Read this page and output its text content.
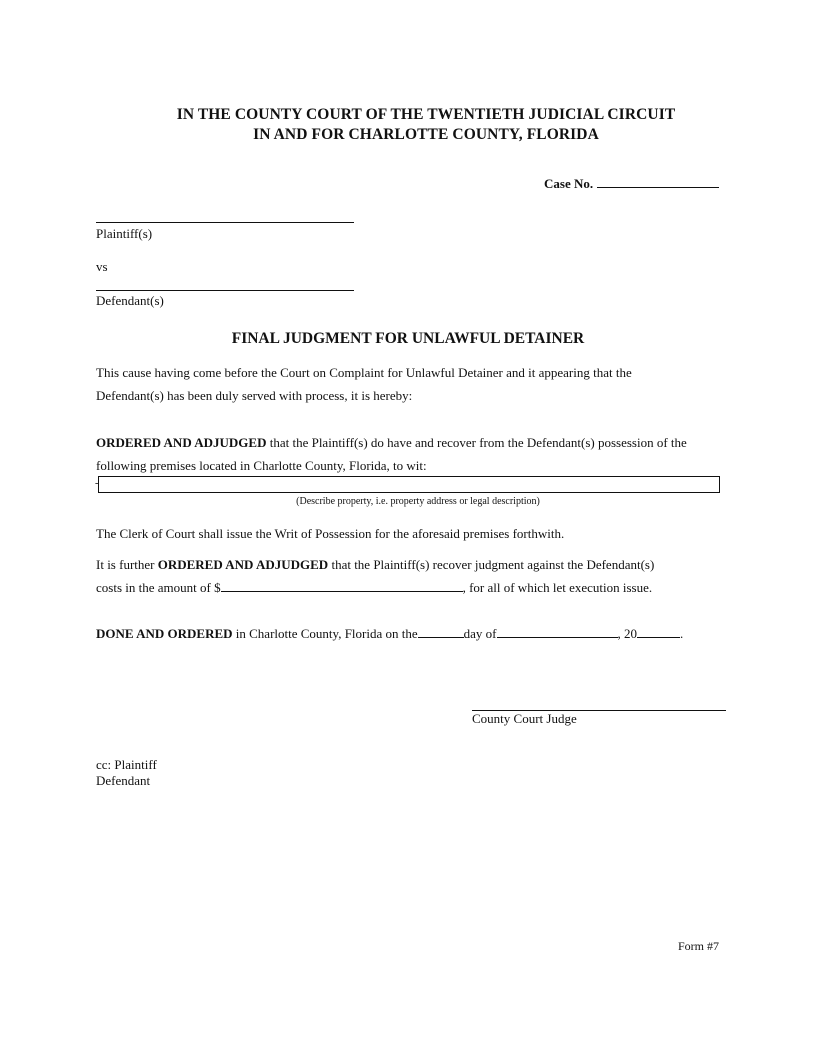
IN THE COUNTY COURT OF THE TWENTIETH JUDICIAL CIRCUIT
IN AND FOR CHARLOTTE COUNTY, FLORIDA
Case No.
Plaintiff(s)
vs
Defendant(s)
FINAL JUDGMENT FOR UNLAWFUL DETAINER
This cause having come before the Court on Complaint for Unlawful Detainer and it appearing that the
Defendant(s) has been duly served with process, it is hereby:
ORDERED AND ADJUDGED that the Plaintiff(s) do have and recover from the Defendant(s) possession of the
following premises located in Charlotte County, Florida, to wit:
-
(Describe property, i.e. property address or legal description)
The Clerk of Court shall issue the Writ of Possession for the aforesaid premises forthwith.
It is further ORDERED AND ADJUDGED that the Plaintiff(s) recover judgment against the Defendant(s)
costs in the amount of $	, for all of which let execution issue.
DONE AND ORDERED in Charlotte County, Florida on the	day of	, 20	.
County Court Judge
cc: Plaintiff
Defendant
Form #7
